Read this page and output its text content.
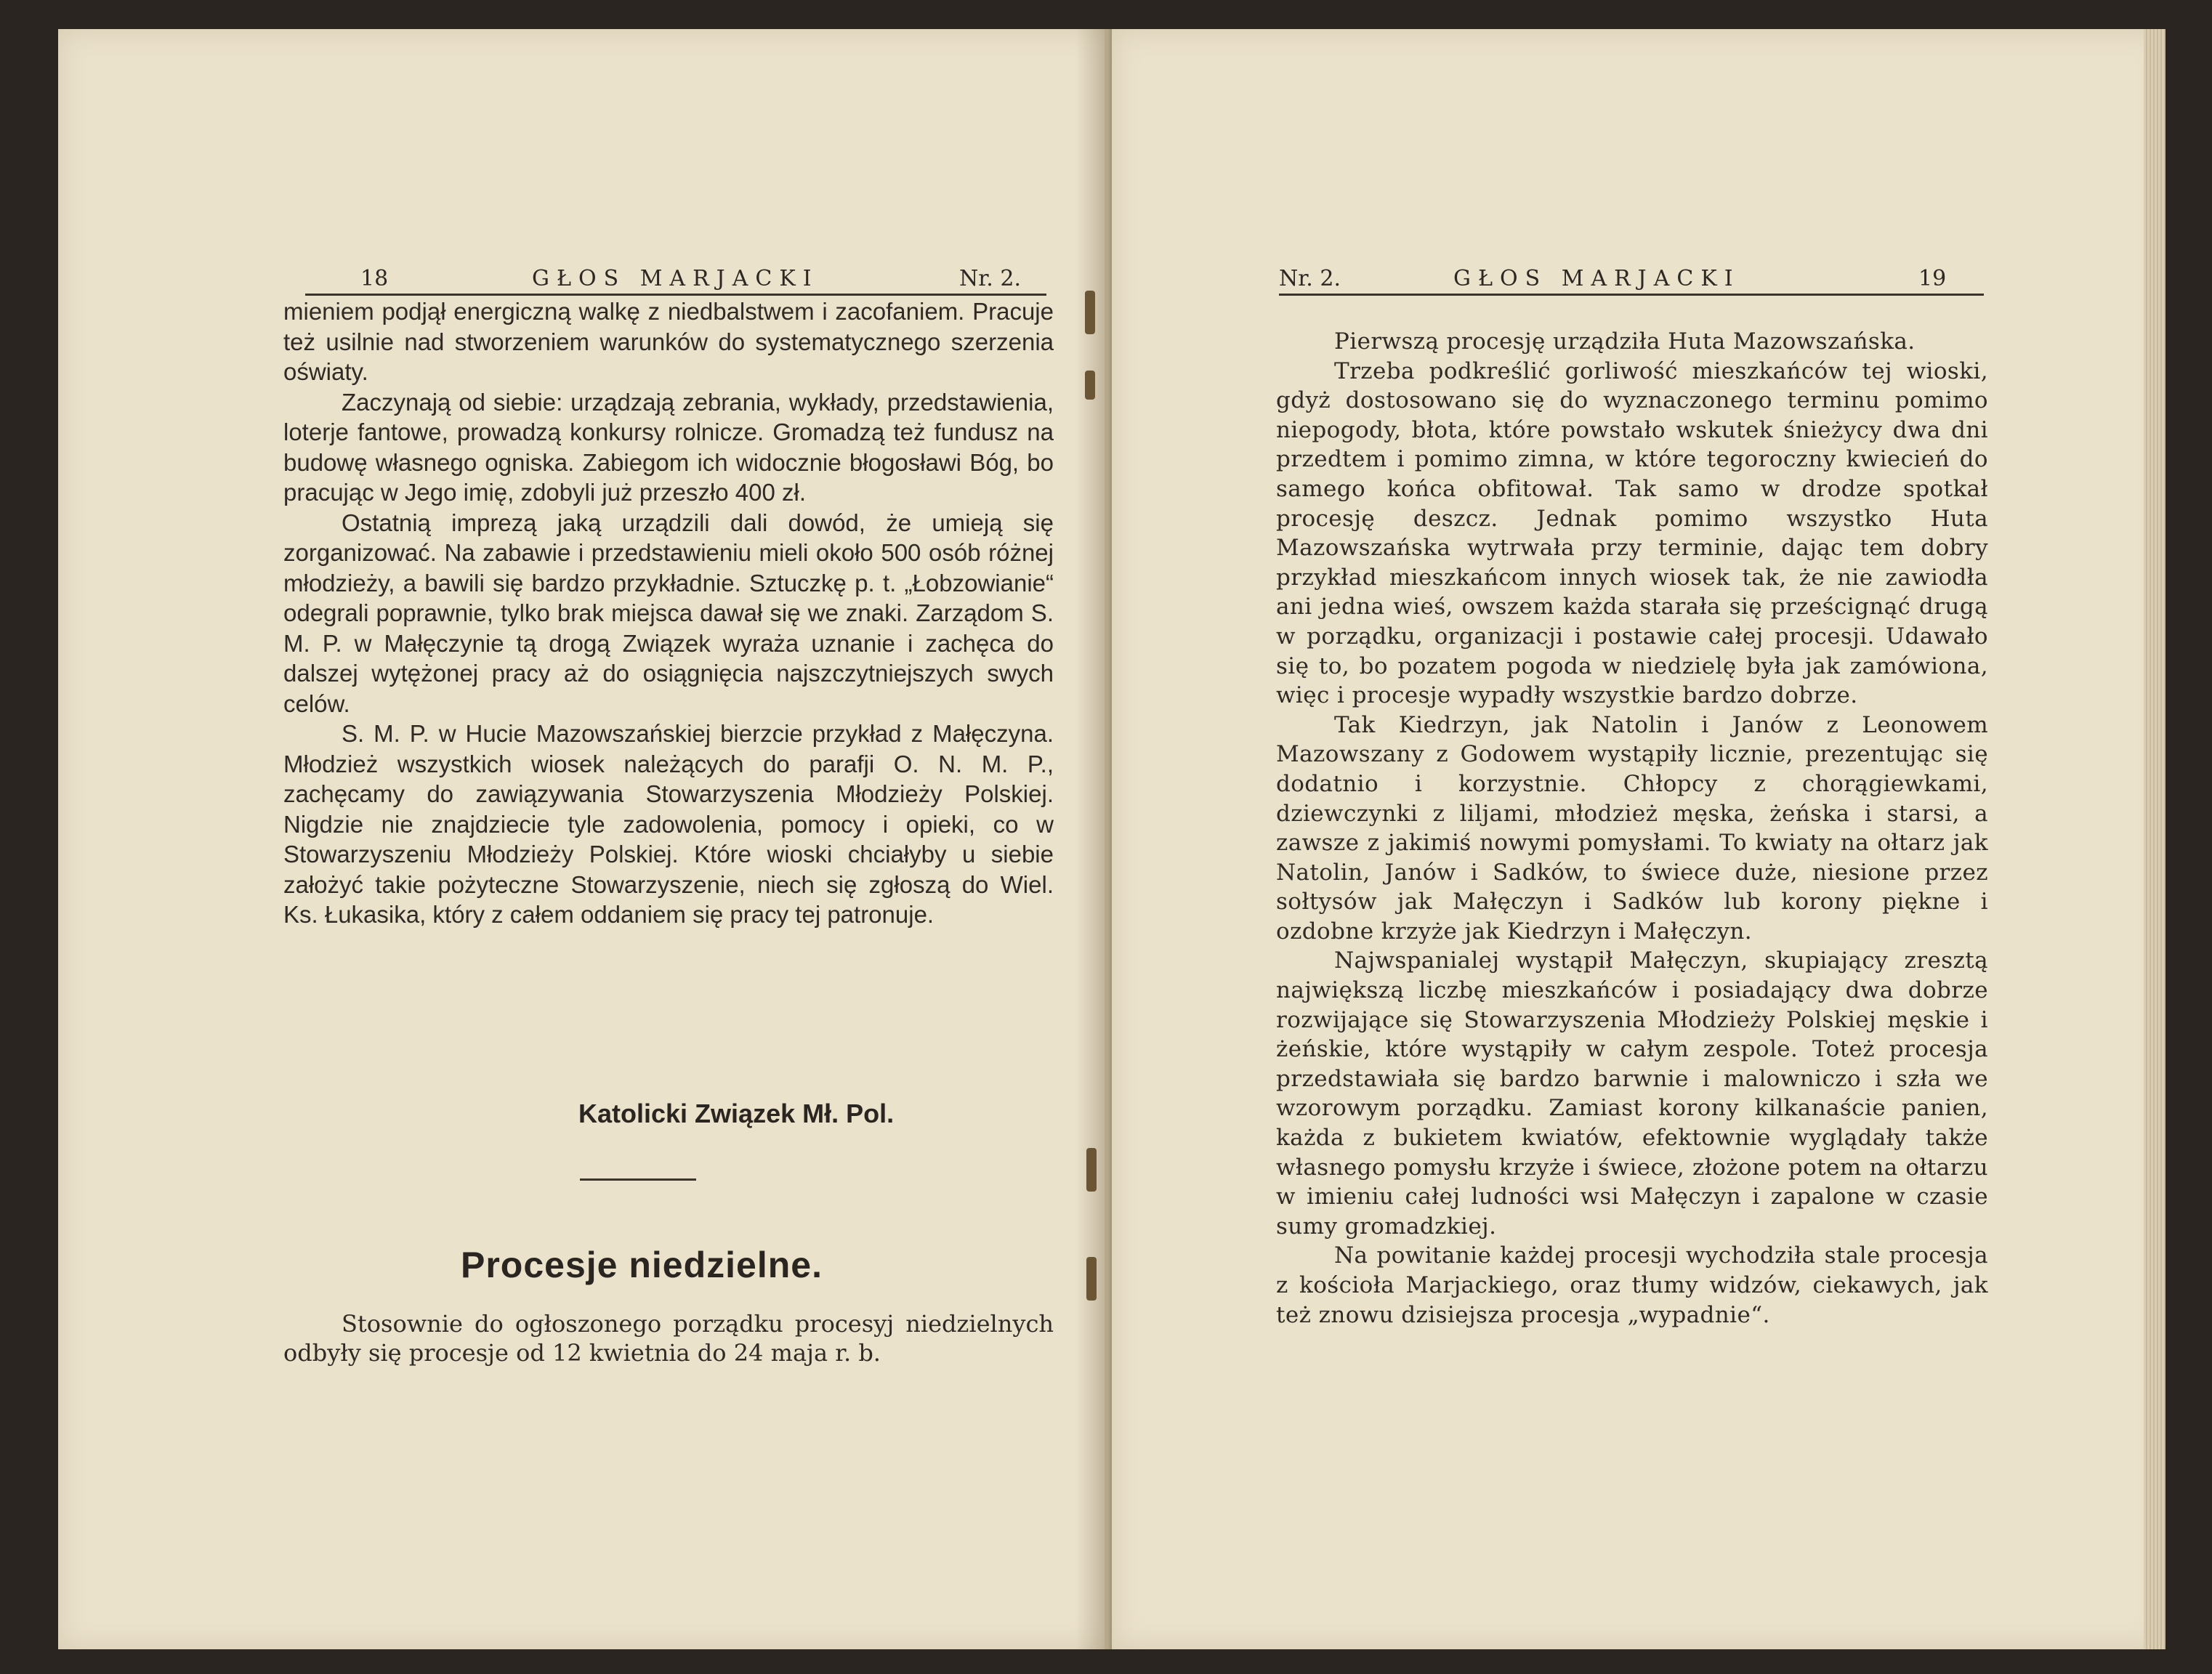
18	GŁOS MARJACKI	Nr. 2.

mieniem podjął energiczną walkę z niedbalstwem i zacofaniem. Pracuje też usilnie nad stworzeniem warunków do systematycznego szerzenia oświaty.

Zaczynają od siebie: urządzają zebrania, wykłady, przedstawienia, loterje fantowe, prowadzą konkursy rolnicze. Gromadzą też fundusz na budowę własnego ogniska. Zabiegom ich widocznie błogosławi Bóg, bo pracując w Jego imię, zdobyli już przeszło 400 zł.

Ostatnią imprezą jaką urządzili dali dowód, że umieją się zorganizować. Na zabawie i przedstawieniu mieli około 500 osób różnej młodzieży, a bawili się bardzo przykładnie. Sztuczkę p. t. „Łobzowianie“ odegrali poprawnie, tylko brak miejsca dawał się we znaki. Zarządom S. M. P. w Małęczynie tą drogą Związek wyraża uznanie i zachęca do dalszej wytężonej pracy aż do osiągnięcia najszczytniejszych swych celów.

S. M. P. w Hucie Mazowszańskiej bierzcie przykład z Małęczyna. Młodzież wszystkich wiosek należących do parafji O. N. M. P., zachęcamy do zawiązywania Stowarzyszenia Młodzieży Polskiej. Nigdzie nie znajdziecie tyle zadowolenia, pomocy i opieki, co w Stowarzyszeniu Młodzieży Polskiej. Które wioski chciałyby u siebie założyć takie pożyteczne Stowarzyszenie, niech się zgłoszą do Wiel. Ks. Łukasika, który z całem oddaniem się pracy tej patronuje.

Katolicki Związek Mł. Pol.
Procesje niedzielne.

Stosownie do ogłoszonego porządku procesyj niedzielnych odbyły się procesje od 12 kwietnia do 24 maja r. b.

Nr. 2.	GŁOS MARJACKI	19

Pierwszą procesję urządziła Huta Mazowszańska.

Trzeba podkreślić gorliwość mieszkańców tej wioski, gdyż dostosowano się do wyznaczonego terminu pomimo niepogody, błota, które powstało wskutek śnieżycy dwa dni przedtem i pomimo zimna, w które tegoroczny kwiecień do samego końca obfitował. Tak samo w drodze spotkał procesję deszcz. Jednak pomimo wszystko Huta Mazowszańska wytrwała przy terminie, dając tem dobry przykład mieszkańcom innych wiosek tak, że nie zawiodła ani jedna wieś, owszem każda starała się prześcignąć drugą w porządku, organizacji i postawie całej procesji. Udawało się to, bo pozatem pogoda w niedzielę była jak zamówiona, więc i procesje wypadły wszystkie bardzo dobrze.

Tak Kiedrzyn, jak Natolin i Janów z Leonowem Mazowszany z Godowem wystąpiły licznie, prezentując się dodatnio i korzystnie. Chłopcy z chorągiewkami, dziewczynki z liljami, młodzież męska, żeńska i starsi, a zawsze z jakimiś nowymi pomysłami. To kwiaty na ołtarz jak Natolin, Janów i Sadków, to świece duże, niesione przez sołtysów jak Małęczyn i Sadków lub korony piękne i ozdobne krzyże jak Kiedrzyn i Małęczyn.

Najwspanialej wystąpił Małęczyn, skupiający zresztą największą liczbę mieszkańców i posiadający dwa dobrze rozwijające się Stowarzyszenia Młodzieży Polskiej męskie i żeńskie, które wystąpiły w całym zespole. Toteż procesja przedstawiała się bardzo barwnie i malowniczo i szła we wzorowym porządku. Zamiast korony kilkanaście panien, każda z bukietem kwiatów, efektownie wyglądały także własnego pomysłu krzyże i świece, złożone potem na ołtarzu w imieniu całej ludności wsi Małęczyn i zapalone w czasie sumy gromadzkiej.

Na powitanie każdej procesji wychodziła stale procesja z kościoła Marjackiego, oraz tłumy widzów, ciekawych, jak też znowu dzisiejsza procesja „wypadnie“.
